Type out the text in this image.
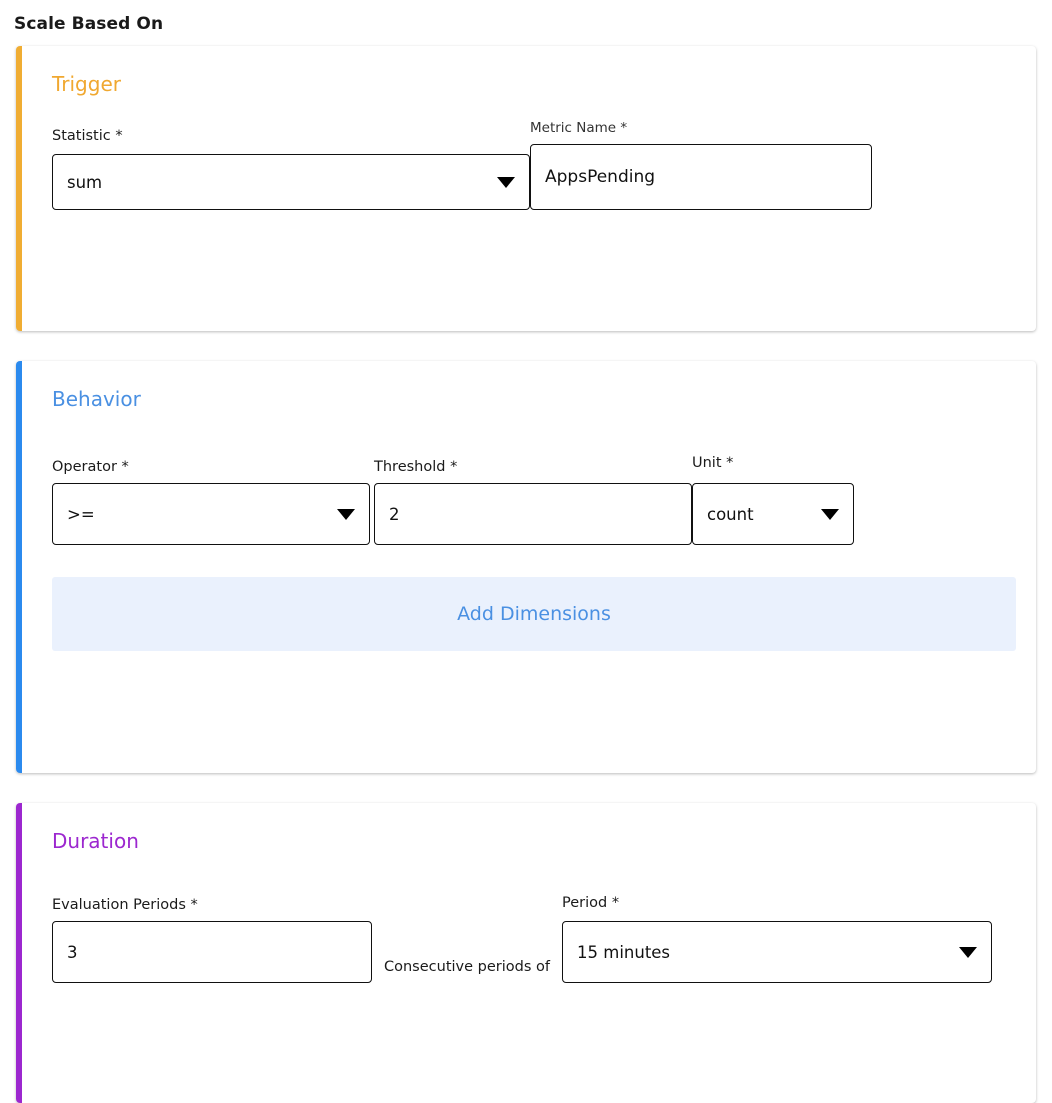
Scale Based On
Trigger
Statistic *
sum
Metric Name *
AppsPending
Behavior
Operator *
>=
Threshold *
2
Unit *
count
Add Dimensions
Duration
Evaluation Periods *
3
Consecutive periods of
Period *
15 minutes
